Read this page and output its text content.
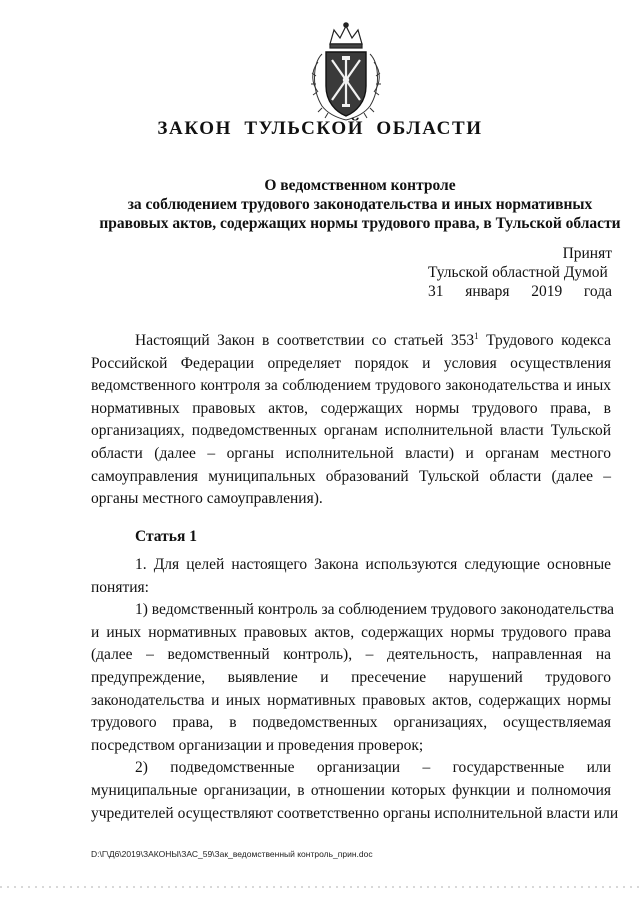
ЗАКОН ТУЛЬСКОЙ ОБЛАСТИ
О ведомственном контроле
за соблюдением трудового законодательства и иных нормативных
правовых актов, содержащих нормы трудового права, в Тульской области
Принят
Тульской областной Думой
31 января 2019 года
Настоящий Закон в соответствии со статьей $353^1$ Трудового кодекса
Российской Федерации определяет порядок и условия осуществления
ведомственного контроля за соблюдением трудового законодательства и иных
нормативных правовых актов, содержащих нормы трудового права, в
организациях, подведомственных органам исполнительной власти Тульской
области (далее – органы исполнительной власти) и органам местного
самоуправления муниципальных образований Тульской области (далее –
органы местного самоуправления).
Статья 1
1. Для целей настоящего Закона используются следующие основные
понятия:
1) ведомственный контроль за соблюдением трудового законодательства
и иных нормативных правовых актов, содержащих нормы трудового права
(далее – ведомственный контроль), – деятельность, направленная на
предупреждение, выявление и пресечение нарушений трудового
законодательства и иных нормативных правовых актов, содержащих нормы
трудового права, в подведомственных организациях, осуществляемая
посредством организации и проведения проверок;
2) подведомственные организации – государственные или
муниципальные организации, в отношении которых функции и полномочия
учредителей осуществляют соответственно органы исполнительной власти или
D:\Г\Д6\2019\ЗАКОНЫ\ЗАС_59\Зак_ведомственный контроль_прин.doc
